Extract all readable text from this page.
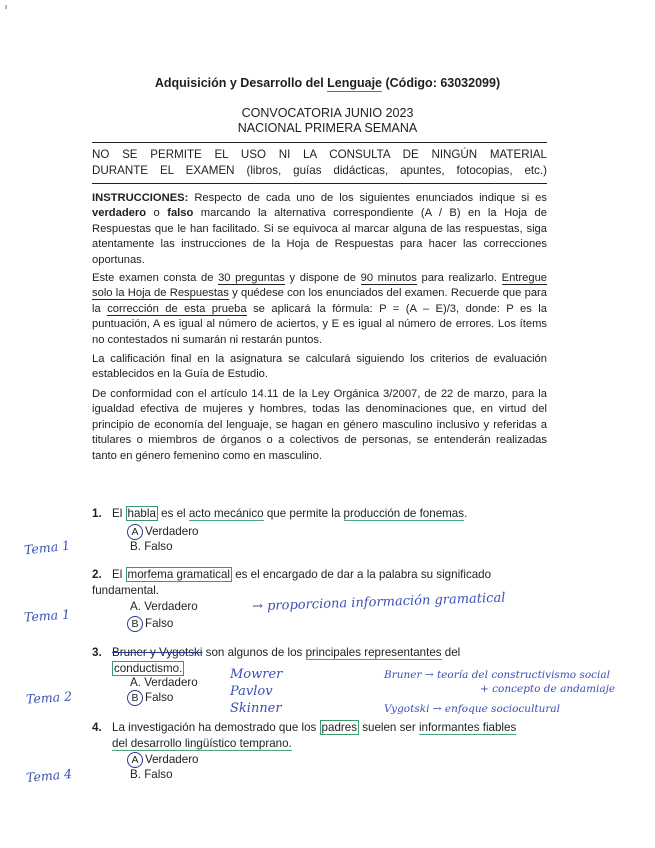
'
Adquisición y Desarrollo del Lenguaje (Código: 63032099)
CONVOCATORIA JUNIO 2023
NACIONAL PRIMERA SEMANA
NO SE PERMITE EL USO NI LA CONSULTA DE NINGÚN MATERIAL
DURANTE EL EXAMEN (libros, guías didácticas, apuntes, fotocopias, etc.)
INSTRUCCIONES: Respecto de cada uno de los siguientes enunciados indique si es verdadero o falso marcando la alternativa correspondiente (A / B) en la Hoja de Respuestas que le han facilitado. Si se equivoca al marcar alguna de las respuestas, siga atentamente las instrucciones de la Hoja de Respuestas para hacer las correcciones oportunas.
Este examen consta de 30 preguntas y dispone de 90 minutos para realizarlo. Entregue solo la Hoja de Respuestas y quédese con los enunciados del examen. Recuerde que para la corrección de esta prueba se aplicará la fórmula: P = (A – E)/3, donde: P es la puntuación, A es igual al número de aciertos, y E es igual al número de errores. Los ítems no contestados ni sumarán ni restarán puntos.
La calificación final en la asignatura se calculará siguiendo los criterios de evaluación establecidos en la Guía de Estudio.
De conformidad con el artículo 14.11 de la Ley Orgánica 3/2007, de 22 de marzo, para la igualdad efectiva de mujeres y hombres, todas las denominaciones que, en virtud del principio de economía del lenguaje, se hagan en género masculino inclusivo y referidas a titulares o miembros de órganos o a colectivos de personas, se entenderán realizadas tanto en género femenino como en masculino.
1. El habla es el acto mecánico que permite la producción de fonemas.
A Verdadero
B. Falso
Tema 1
2. El morfema gramatical es el encargado de dar a la palabra su significado fundamental.
A. Verdadero
B Falso
→ proporciona información gramatical
Tema 1
3. Bruner y Vygotski son algunos de los principales representantes del
conductismo.
A. Verdadero
B Falso
Mowrer
Pavlov
Skinner
Bruner → teoría del constructivismo social
+ concepto de andamiaje
Vygotski → enfoque sociocultural
Tema 2
4. La investigación ha demostrado que los padres suelen ser informantes fiables
del desarrollo lingüístico temprano.
A Verdadero
B. Falso
Tema 4
